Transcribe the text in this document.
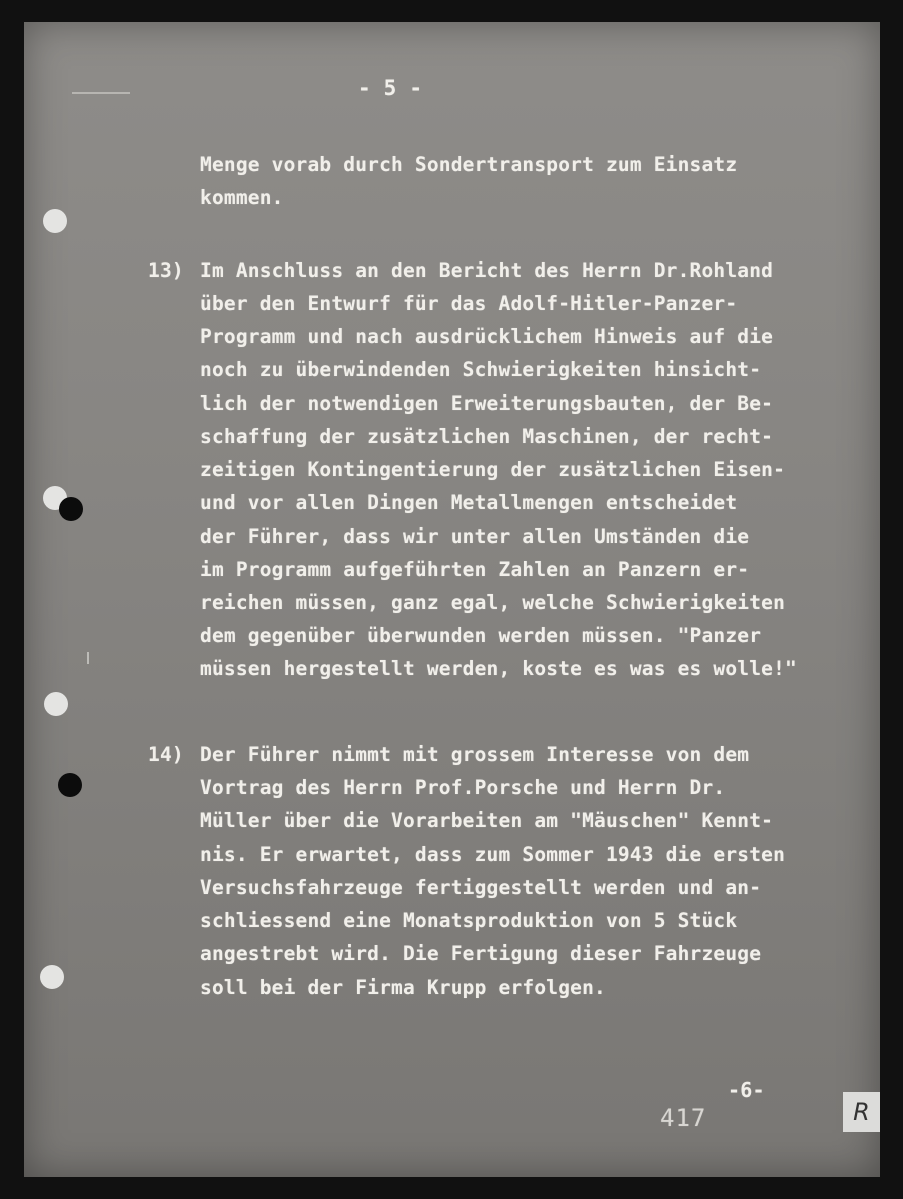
- 5 -
Menge vorab durch Sondertransport zum Einsatz
kommen.
13) Im Anschluss an den Bericht des Herrn Dr.Rohland
über den Entwurf für das Adolf-Hitler-Panzer-
Programm und nach ausdrücklichem Hinweis auf die
noch zu überwindenden Schwierigkeiten hinsicht-
lich der notwendigen Erweiterungsbauten, der Be-
schaffung der zusätzlichen Maschinen, der recht-
zeitigen Kontingentierung der zusätzlichen Eisen-
und vor allen Dingen Metallmengen entscheidet
der Führer, dass wir unter allen Umständen die
im Programm aufgeführten Zahlen an Panzern er-
reichen müssen, ganz egal, welche Schwierigkeiten
dem gegenüber überwunden werden müssen. "Panzer
müssen hergestellt werden, koste es was es wolle!"
14) Der Führer nimmt mit grossem Interesse von dem
Vortrag des Herrn Prof.Porsche und Herrn Dr.
Müller über die Vorarbeiten am "Mäuschen" Kennt-
nis. Er erwartet, dass zum Sommer 1943 die ersten
Versuchsfahrzeuge fertiggestellt werden und an-
schliessend eine Monatsproduktion von 5 Stück
angestrebt wird. Die Fertigung dieser Fahrzeuge
soll bei der Firma Krupp erfolgen.
-6-
417	R
